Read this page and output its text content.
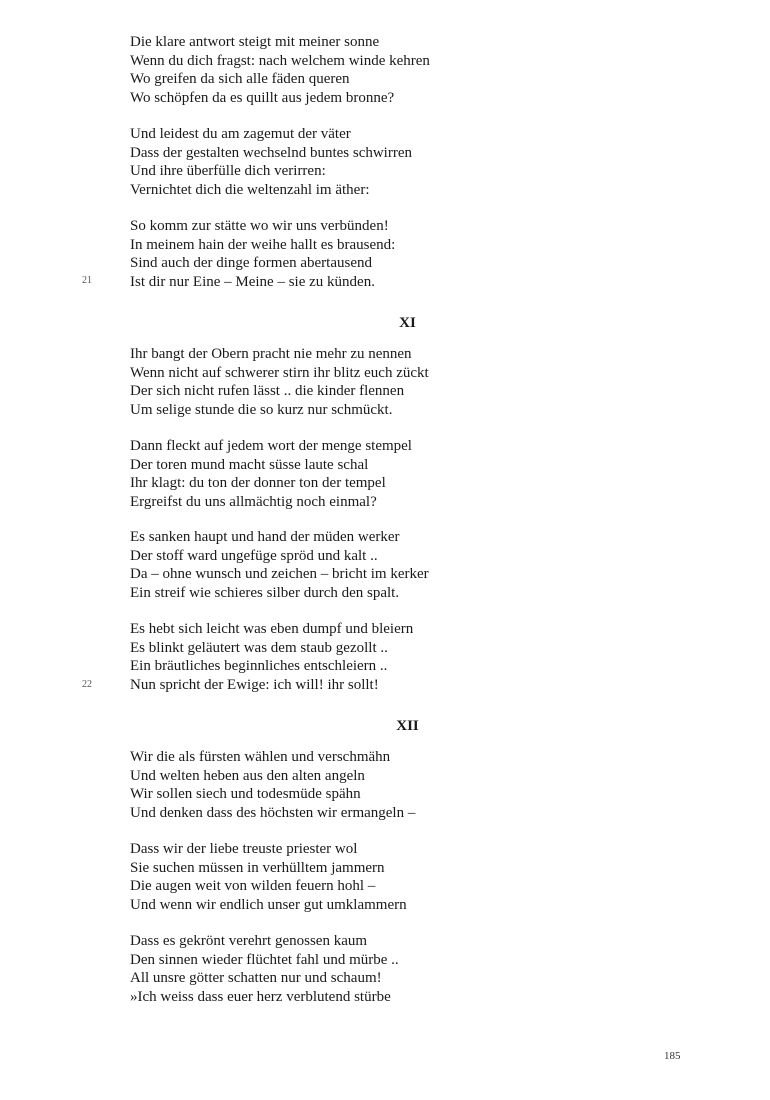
Die klare antwort steigt mit meiner sonne
Wenn du dich fragst: nach welchem winde kehren
Wo greifen da sich alle fäden queren
Wo schöpfen da es quillt aus jedem bronne?
Und leidest du am zagemut der väter
Dass der gestalten wechselnd buntes schwirren
Und ihre überfülle dich verirren:
Vernichtet dich die weltenzahl im äther:
So komm zur stätte wo wir uns verbünden!
In meinem hain der weihe hallt es brausend:
Sind auch der dinge formen abertausend
Ist dir nur Eine – Meine – sie zu künden.
21
XI
Ihr bangt der Obern pracht nie mehr zu nennen
Wenn nicht auf schwerer stirn ihr blitz euch zückt
Der sich nicht rufen lässt .. die kinder flennen
Um selige stunde die so kurz nur schmückt.
Dann fleckt auf jedem wort der menge stempel
Der toren mund macht süsse laute schal
Ihr klagt: du ton der donner ton der tempel
Ergreifst du uns allmächtig noch einmal?
Es sanken haupt und hand der müden werker
Der stoff ward ungefüge spröd und kalt ..
Da – ohne wunsch und zeichen – bricht im kerker
Ein streif wie schieres silber durch den spalt.
Es hebt sich leicht was eben dumpf und bleiern
Es blinkt geläutert was dem staub gezollt ..
Ein bräutliches beginnliches entschleiern ..
Nun spricht der Ewige: ich will! ihr sollt!
22
XII
Wir die als fürsten wählen und verschmähn
Und welten heben aus den alten angeln
Wir sollen siech und todesmüde spähn
Und denken dass des höchsten wir ermangeln –
Dass wir der liebe treuste priester wol
Sie suchen müssen in verhülltem jammern
Die augen weit von wilden feuern hohl –
Und wenn wir endlich unser gut umklammern
Dass es gekrönt verehrt genossen kaum
Den sinnen wieder flüchtet fahl und mürbe ..
All unsre götter schatten nur und schaum!
»Ich weiss dass euer herz verblutend stürbe
185
